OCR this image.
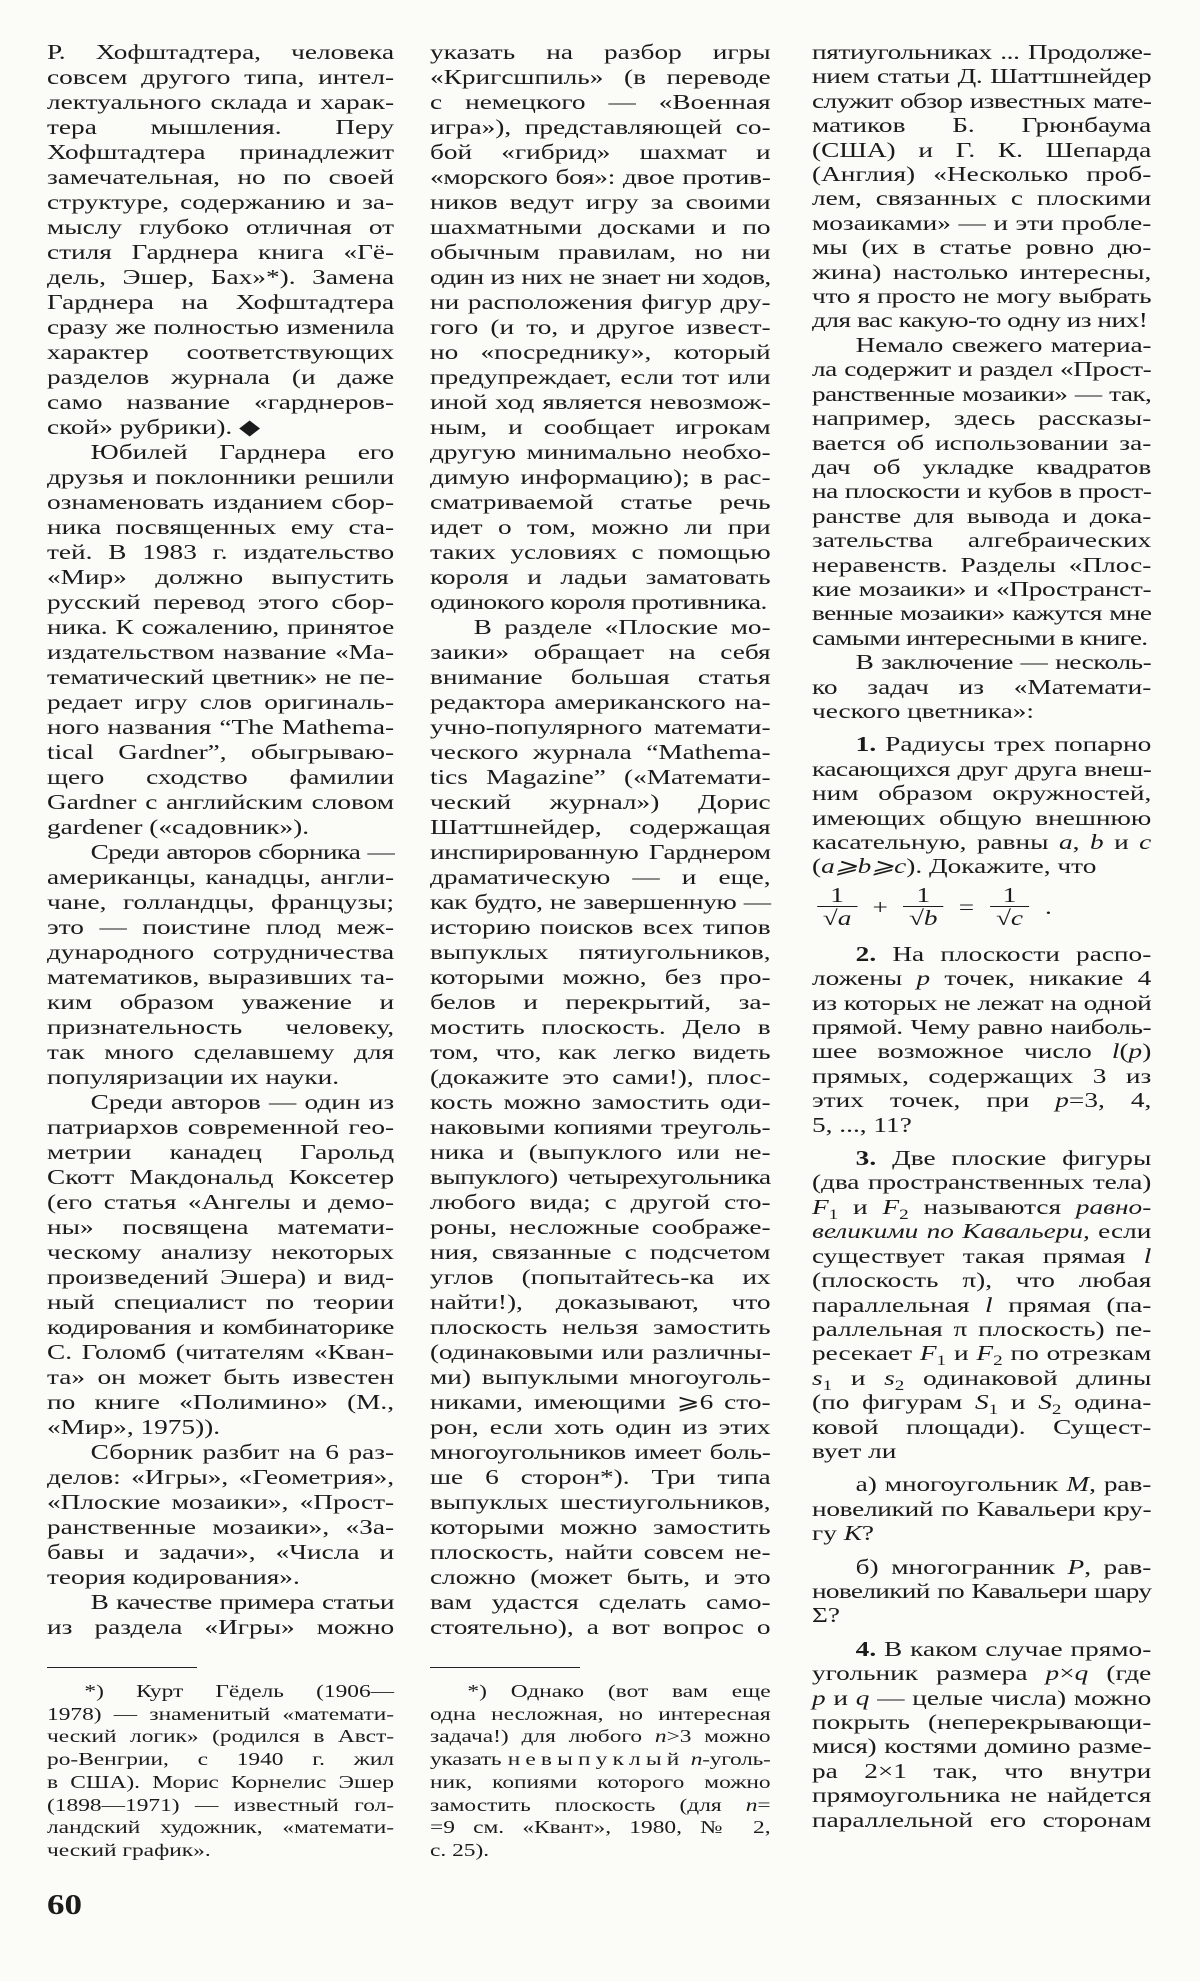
Р. Хофштадтера, человека
совсем другого типа, интел-
лектуального склада и харак-
тера мышления. Перу
Хофштадтера принадлежит
замечательная, но по своей
структуре, содержанию и за-
мыслу глубоко отличная от
стиля Гарднера книга «Гё-
дель, Эшер, Бах»*). Замена
Гарднера на Хофштадтера
сразу же полностью изменила
характер соответствующих
разделов журнала (и даже
само название «гарднеров-
ской» рубрики). ◆
Юбилей Гарднера его
друзья и поклонники решили
ознаменовать изданием сбор-
ника посвященных ему ста-
тей. В 1983 г. издательство
«Мир» должно выпустить
русский перевод этого сбор-
ника. К сожалению, принятое
издательством название «Ма-
тематический цветник» не пе-
редает игру слов оригиналь-
ного названия “The Mathema-
tical Gardner”, обыгрываю-
щего сходство фамилии
Gardner с английским словом
gardener («садовник»).
Среди авторов сборника —
американцы, канадцы, англи-
чане, голландцы, французы;
это — поистине плод меж-
дународного сотрудничества
математиков, выразивших та-
ким образом уважение и
признательность человеку,
так много сделавшему для
популяризации их науки.
Среди авторов — один из
патриархов современной гео-
метрии канадец Гарольд
Скотт Макдональд Коксетер
(его статья «Ангелы и демо-
ны» посвящена математи-
ческому анализу некоторых
произведений Эшера) и вид-
ный специалист по теории
кодирования и комбинаторике
С. Голомб (читателям «Кван-
та» он может быть известен
по книге «Полимино» (М.,
«Мир», 1975)).
Сборник разбит на 6 раз-
делов: «Игры», «Геометрия»,
«Плоские мозаики», «Прост-
ранственные мозаики», «За-
бавы и задачи», «Числа и
теория кодирования».
В качестве примера статьи
из раздела «Игры» можно
указать на разбор игры
«Кригсшпиль» (в переводе
с немецкого — «Военная
игра»), представляющей со-
бой «гибрид» шахмат и
«морского боя»: двое против-
ников ведут игру за своими
шахматными досками и по
обычным правилам, но ни
один из них не знает ни ходов,
ни расположения фигур дру-
гого (и то, и другое извест-
но «посреднику», который
предупреждает, если тот или
иной ход является невозмож-
ным, и сообщает игрокам
другую минимально необхо-
димую информацию); в рас-
сматриваемой статье речь
идет о том, можно ли при
таких условиях с помощью
короля и ладьи заматовать
одинокого короля противника.
В разделе «Плоские мо-
заики» обращает на себя
внимание большая статья
редактора американского на-
учно-популярного математи-
ческого журнала “Mathema-
tics Magazine” («Математи-
ческий журнал») Дорис
Шаттшнейдер, содержащая
инспирированную Гарднером
драматическую — и еще,
как будто, не завершенную —
историю поисков всех типов
выпуклых пятиугольников,
которыми можно, без про-
белов и перекрытий, за-
мостить плоскость. Дело в
том, что, как легко видеть
(докажите это сами!), плос-
кость можно замостить оди-
наковыми копиями треуголь-
ника и (выпуклого или не-
выпуклого) четырехугольника
любого вида; с другой сто-
роны, несложные соображе-
ния, связанные с подсчетом
углов (попытайтесь-ка их
найти!), доказывают, что
плоскость нельзя замостить
(одинаковыми или различны-
ми) выпуклыми многоуголь-
никами, имеющими ⩾6 сто-
рон, если хоть один из этих
многоугольников имеет боль-
ше 6 сторон*). Три типа
выпуклых шестиугольников,
которыми можно замостить
плоскость, найти совсем не-
сложно (может быть, и это
вам удастся сделать само-
стоятельно), а вот вопрос о
пятиугольниках ... Продолже-
нием статьи Д. Шаттшнейдер
служит обзор известных мате-
матиков Б. Грюнбаума
(США) и Г. К. Шепарда
(Англия) «Несколько проб-
лем, связанных с плоскими
мозаиками» — и эти пробле-
мы (их в статье ровно дю-
жина) настолько интересны,
что я просто не могу выбрать
для вас какую-то одну из них!
Немало свежего материа-
ла содержит и раздел «Прост-
ранственные мозаики» — так,
например, здесь рассказы-
вается об использовании за-
дач об укладке квадратов
на плоскости и кубов в прост-
ранстве для вывода и дока-
зательства алгебраических
неравенств. Разделы «Плос-
кие мозаики» и «Пространст-
венные мозаики» кажутся мне
самыми интересными в книге.
В заключение — несколь-
ко задач из «Математи-
ческого цветника»:
1. Радиусы трех попарно
касающихся друг друга внеш-
ним образом окружностей,
имеющих общую внешнюю
касательную, равны a, b и c
(a⩾b⩾c). Докажите, что
$\frac{1}{√a} + \frac{1}{√b} = \frac{1}{√c}$ .
2. На плоскости распо-
ложены p точек, никакие 4
из которых не лежат на одной
прямой. Чему равно наиболь-
шее возможное число l(p)
прямых, содержащих 3 из
этих точек, при p=3, 4,
5, ..., 11?
3. Две плоские фигуры
(два пространственных тела)
$F_1$ и $F_2$ называются равно-
великими по Кавальери, если
существует такая прямая l
(плоскость π), что любая
параллельная l прямая (па-
раллельная π плоскость) пе-
ресекает $F_1$ и $F_2$ по отрезкам
$s_1$ и $s_2$ одинаковой длины
(по фигурам $S_1$ и $S_2$ одина-
ковой площади). Сущест-
вует ли
а) многоугольник M, рав-
новеликий по Кавальери кру-
гу K?
б) многогранник P, рав-
новеликий по Кавальери шару
Σ?
4. В каком случае прямо-
угольник размера p×q (где
p и q — целые числа) можно
покрыть (неперекрывающи-
мися) костями домино разме-
ра 2×1 так, что внутри
прямоугольника не найдется
параллельной его сторонам
*) Курт Гёдель (1906—
1978) — знаменитый «математи-
ческий логик» (родился в Авст-
ро-Венгрии, с 1940 г. жил
в США). Морис Корнелис Эшер
(1898—1971) — известный гол-
ландский художник, «математи-
ческий график».
*) Однако (вот вам еще
одна несложная, но интересная
задача!) для любого n>3 можно
указать невыпуклый n-уголь-
ник, копиями которого можно
замостить плоскость (для n=
=9 см. «Квант», 1980, № 2,
с. 25).
60
